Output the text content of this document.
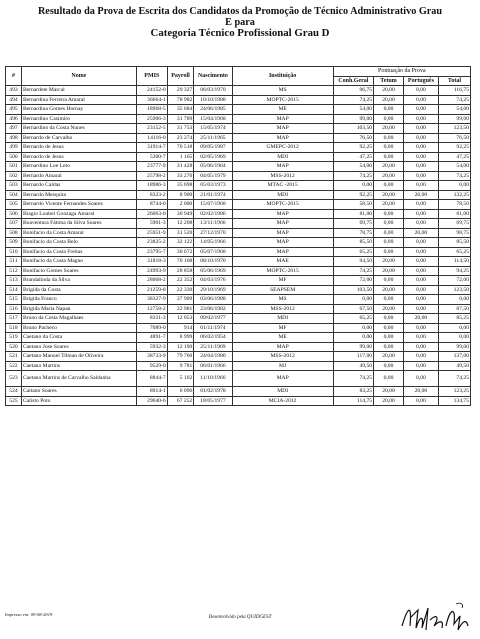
Resultado da Prova de Escrita dos Candidatos da Promoção de Técnico Administrativo Grau
E para
Categoria Técnico Profissional Grau D
#	Nome	PMIS	Payroll	Nascimento	Instituição	Pontuação da Prova			
						Conh.Geral	Tetum	Português	Total
493	Bernardete Marcal	24152-0	29 327	06/03/1970	MS	96,75	20,00	0,00	116,75
494	Bernardina Ferreira Amaral	36664-1	78 982	10/10/1988	MOPTC-2015	74,25	20,00	0,00	74,25
495	Bernardina Gomes Hornay	18968-5	35 684	24/06/1985	ME	54,00	0,00	0,00	54,00
496	Bernardino Casimiro	25906-3	31 789	15/04/1968	MAP	99,00	0,00	0,00	99,00
497	Bernardino da Costa Nunes	23152-5	31 753	15/05/1974	MAP	103,50	20,00	0,00	123,50
498	Bernardo de Carvalho	14116-0	23 274	25/11/1965	MAP	76,50	0,00	0,00	76,50
499	Bernardo de Jesus	31914-7	70 518	09/05/1987	GMEPC-2012	92,25	0,00	0,00	92,25
500	Bernardo de Jesus	5300-7	1 165	02/05/1969	MDI	47,25	0,00	0,00	47,25
501	Bernardino Loe Leto	23777-9	31 428	05/06/1964	MAP	54,00	20,00	0,00	54,00
502	Bernardo Amaral	25798-2	33 270	04/05/1979	MSS-2012	74,25	20,00	0,00	74,25
503	Bernardo Caldas	18986-3	35 698	05/03/1973	MTAC -2015	0,00	0,00	0,00	0,00
504	Bernardo Mesquita	8323-2	8 900	21/01/1974	MDI	92,25	20,00	20,00	132,25
505	Bernardo Vicente Fernandes Soares	8744-0	2 000	15/07/1968	MOPTC-2015	58,50	20,00	0,00	78,50
506	Biagio Loubel Gonzaga Amaral	26063-0	30 949	02/02/1986	MAP	81,00	0,00	0,00	81,00
507	Boaventura Fátima da Silva Soares	5901-3	12 208	13/11/1966	MAP	69,75	0,00	0,00	69,75
508	Bonifacio da Costa Amaral	25951-9	31 520	27/12/1970	MAP	78,75	0,00	20,00	98,75
509	Bonifacio da Costa Belo	23825-2	32 122	14/05/1966	MAP	85,50	0,00	0,00	85,50
510	Bonifacio da Costa Freitas	23795-7	30 672	05/07/1968	MAP	65,25	0,00	0,00	65,25
511	Bonifacio da Costa Magno	31818-3	70 168	08/10/1970	MAE	94,50	20,00	0,00	114,50
512	Bonifacio Gomes Soares	24993-9	28 858	05/06/1969	MOPTC-2015	74,25	20,00	0,00	94,25
513	Brandalinda da Silva	28068-2	22 352	04/03/1976	MF	72,00	0,00	0,00	72,00
514	Brigida da Costa	21259-8	22 330	29/10/1969	SEAPSEM	103,50	20,00	0,00	123,50
515	Brigida Franco	38327-9	37 909	03/06/1988	MS	0,00	0,00	0,00	0,00
516	Brigida Maria Napan	12758-2	22 981	23/06/1982	MSS-2012	67,50	20,00	0,00	87,50
517	Bruno da Costa Magalhaes	8331-3	12 053	09/02/1977	MDI	65,25	0,00	20,00	85,25
518	Bruno Pacheco	7089-0	914	01/11/1974	MF	0,00	0,00	0,00	0,00
519	Caetano da Costa	4891-7	8 999	06/02/1954	ME	0,00	0,00	0,00	0,00
520	Caetano Jose Soares	5932-3	12 190	25/11/1969	MAP	99,00	0,00	0,00	99,00
521	Caetano Manuel Tilman de Oliveira	38733-9	79 760	24/04/1980	MSS-2012	117,00	20,00	0,00	137,00
522	Caetano Martins	9529-0	9 781	06/01/1966	MJ	49,50	0,00	0,00	49,50
523	Caetano Martins de Carvalho Saldanha	8844-7	5 102	11/10/1966	MAP	74,25	0,00	0,00	74,25
524	Caitano Soares	8914-1	6 096	01/02/1978	MDI	83,25	20,00	20,00	123,25
525	Calisto Poto	29640-6	67 252	18/05/1977	MCIA-2012	114,75	20,00	0,00	134,75
Impresso em: 09-08-2019
Desenvolvido pela QUIDGEST
